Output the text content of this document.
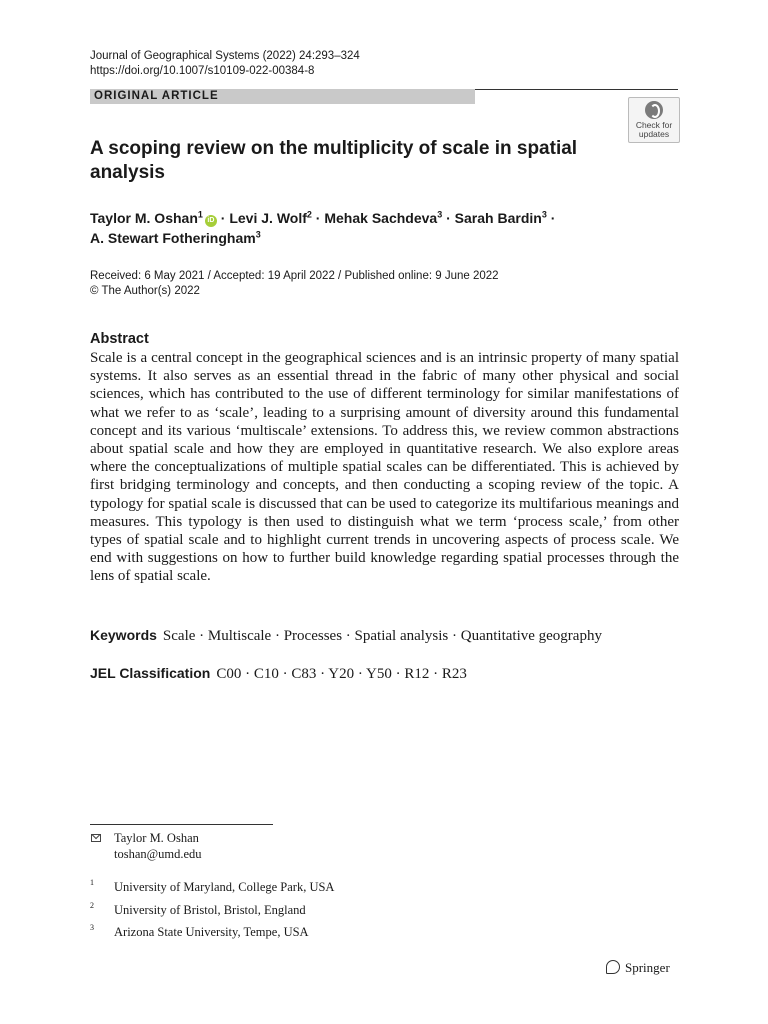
Journal of Geographical Systems (2022) 24:293–324
https://doi.org/10.1007/s10109-022-00384-8
ORIGINAL ARTICLE
Check for updates
A scoping review on the multiplicity of scale in spatial analysis
Taylor M. Oshan$^1$iD · Levi J. Wolf$^2$ · Mehak Sachdeva$^3$ · Sarah Bardin$^3$ ·
A. Stewart Fotheringham$^3$
Received: 6 May 2021 / Accepted: 19 April 2022 / Published online: 9 June 2022
© The Author(s) 2022
Abstract

Scale is a central concept in the geographical sciences and is an intrinsic property of many spatial systems. It also serves as an essential thread in the fabric of many other physical and social sciences, which has contributed to the use of different terminology for similar manifestations of what we refer to as ‘scale’, leading to a surprising amount of diversity around this fundamental concept and its various ‘multiscale’ extensions. To address this, we review common abstractions about spatial scale and how they are employed in quantitative research. We also explore areas where the conceptualizations of multiple spatial scales can be differentiated. This is achieved by first bridging terminology and concepts, and then conducting a scoping review of the topic. A typology for spatial scale is discussed that can be used to categorize its multifarious meanings and measures. This typology is then used to distinguish what we term ‘process scale,’ from other types of spatial scale and to highlight current trends in uncovering aspects of process scale. We end with suggestions on how to further build knowledge regarding spatial processes through the lens of spatial scale.

Keywords Scale · Multiscale · Processes · Spatial analysis · Quantitative geography
JEL Classification C00 · C10 · C83 · Y20 · Y50 · R12 · R23
Taylor M. Oshan
toshan@umd.edu
$^1$ University of Maryland, College Park, USA
$^2$ University of Bristol, Bristol, England
$^3$ Arizona State University, Tempe, USA
Springer
